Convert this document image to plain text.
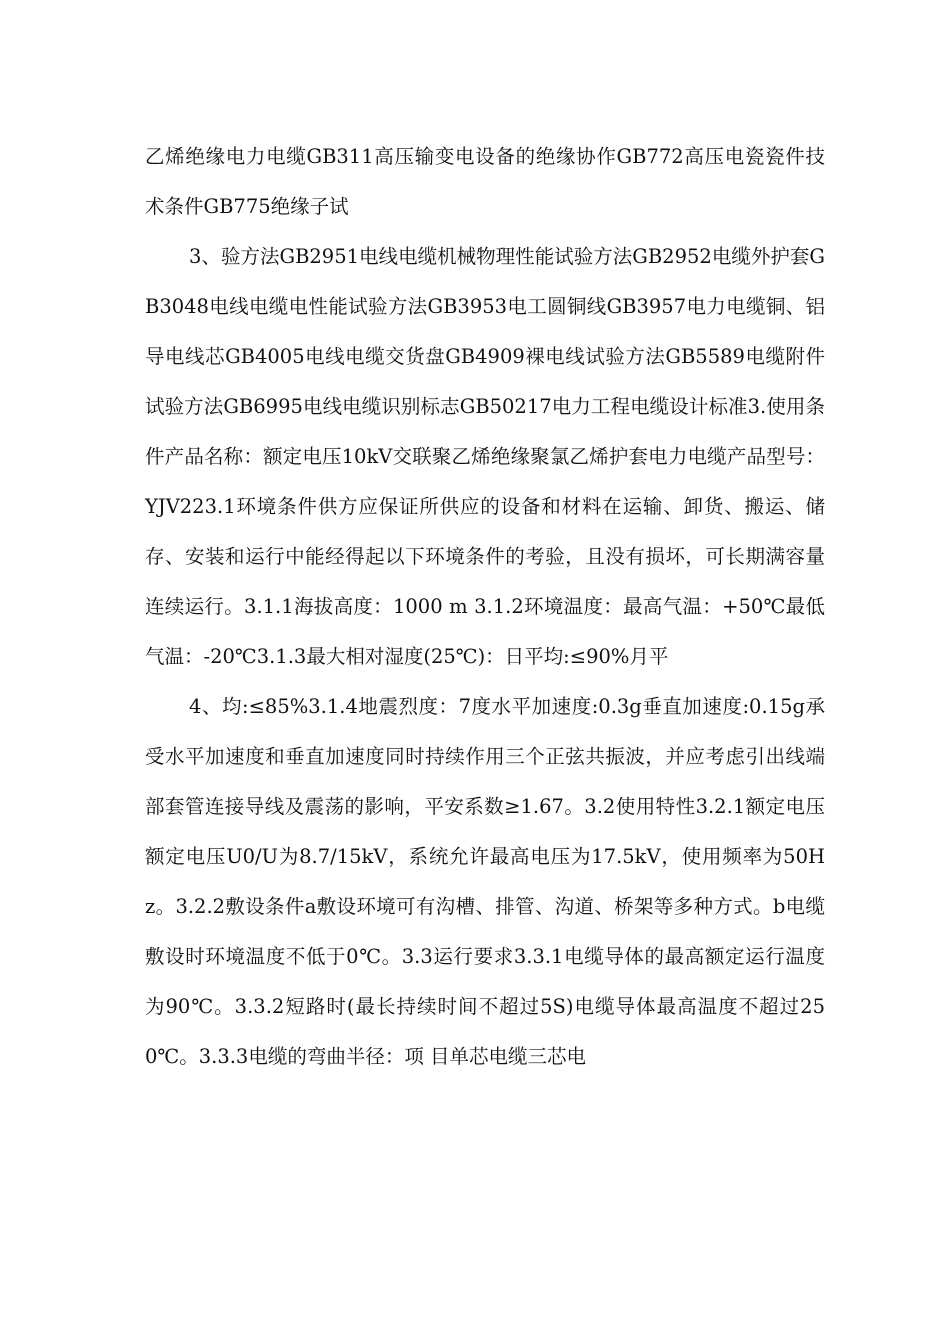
乙烯绝缘电力电缆GB311高压输变电设备的绝缘协作GB772高压电瓷瓷件技术条件GB775绝缘子试

3、验方法GB2951电线电缆机械物理性能试验方法GB2952电缆外护套GB3048电线电缆电性能试验方法GB3953电工圆铜线GB3957电力电缆铜、铝导电线芯GB4005电线电缆交货盘GB4909裸电线试验方法GB5589电缆附件试验方法GB6995电线电缆识别标志GB50217电力工程电缆设计标准3.使用条件产品名称：额定电压10kV交联聚乙烯绝缘聚氯乙烯护套电力电缆产品型号：YJV223.1环境条件供方应保证所供应的设备和材料在运输、卸货、搬运、储存、安装和运行中能经得起以下环境条件的考验，且没有损坏，可长期满容量连续运行。3.1.1海拔高度：1000 m 3.1.2环境温度：最高气温：+50℃最低气温：-20℃3.1.3最大相对湿度(25℃)：日平均:≤90%月平

4、均:≤85%3.1.4地震烈度：7度水平加速度:0.3g垂直加速度:0.15g承受水平加速度和垂直加速度同时持续作用三个正弦共振波，并应考虑引出线端部套管连接导线及震荡的影响，平安系数≥1.67。3.2使用特性3.2.1额定电压额定电压U0/U为8.7/15kV，系统允许最高电压为17.5kV，使用频率为50Hz。3.2.2敷设条件a敷设环境可有沟槽、排管、沟道、桥架等多种方式。b电缆敷设时环境温度不低于0℃。3.3运行要求3.3.1电缆导体的最高额定运行温度为90℃。3.3.2短路时(最长持续时间不超过5S)电缆导体最高温度不超过250℃。3.3.3电缆的弯曲半径：项 目单芯电缆三芯电
